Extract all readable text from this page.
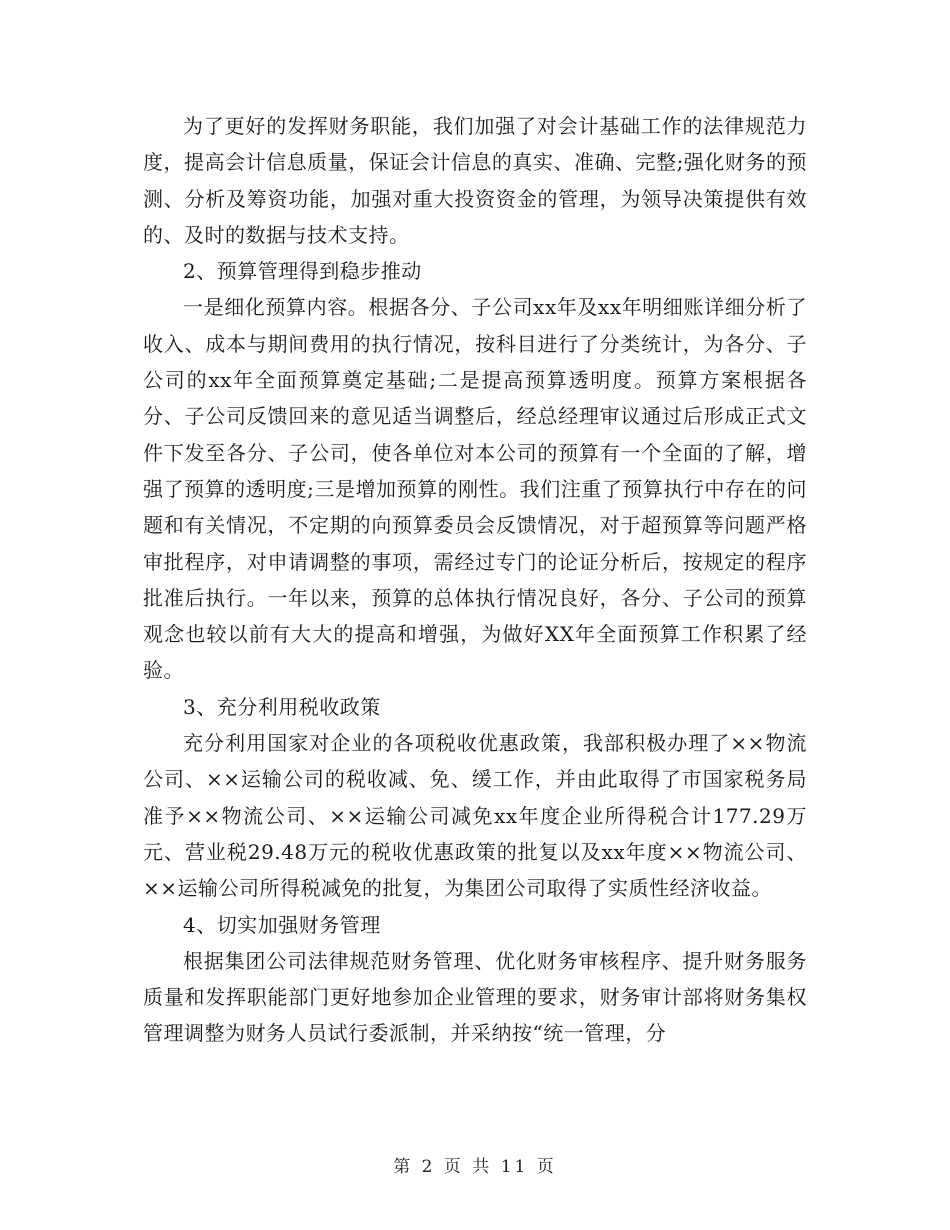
为了更好的发挥财务职能，我们加强了对会计基础工作的法律规范力度，提高会计信息质量，保证会计信息的真实、准确、完整;强化财务的预测、分析及筹资功能，加强对重大投资资金的管理，为领导决策提供有效的、及时的数据与技术支持。

2、预算管理得到稳步推动

一是细化预算内容。根据各分、子公司xx年及xx年明细账详细分析了收入、成本与期间费用的执行情况，按科目进行了分类统计，为各分、子公司的xx年全面预算奠定基础;二是提高预算透明度。预算方案根据各分、子公司反馈回来的意见适当调整后，经总经理审议通过后形成正式文件下发至各分、子公司，使各单位对本公司的预算有一个全面的了解，增强了预算的透明度;三是增加预算的刚性。我们注重了预算执行中存在的问题和有关情况，不定期的向预算委员会反馈情况，对于超预算等问题严格审批程序，对申请调整的事项，需经过专门的论证分析后，按规定的程序批准后执行。一年以来，预算的总体执行情况良好，各分、子公司的预算观念也较以前有大大的提高和增强，为做好XX年全面预算工作积累了经验。

3、充分利用税收政策

充分利用国家对企业的各项税收优惠政策，我部积极办理了××物流公司、××运输公司的税收减、免、缓工作，并由此取得了市国家税务局准予××物流公司、××运输公司减免xx年度企业所得税合计177.29万元、营业税29.48万元的税收优惠政策的批复以及xx年度××物流公司、××运输公司所得税减免的批复，为集团公司取得了实质性经济收益。

4、切实加强财务管理

根据集团公司法律规范财务管理、优化财务审核程序、提升财务服务质量和发挥职能部门更好地参加企业管理的要求，财务审计部将财务集权管理调整为财务人员试行委派制，并采纳按“统一管理，分

第 2 页 共 11 页
